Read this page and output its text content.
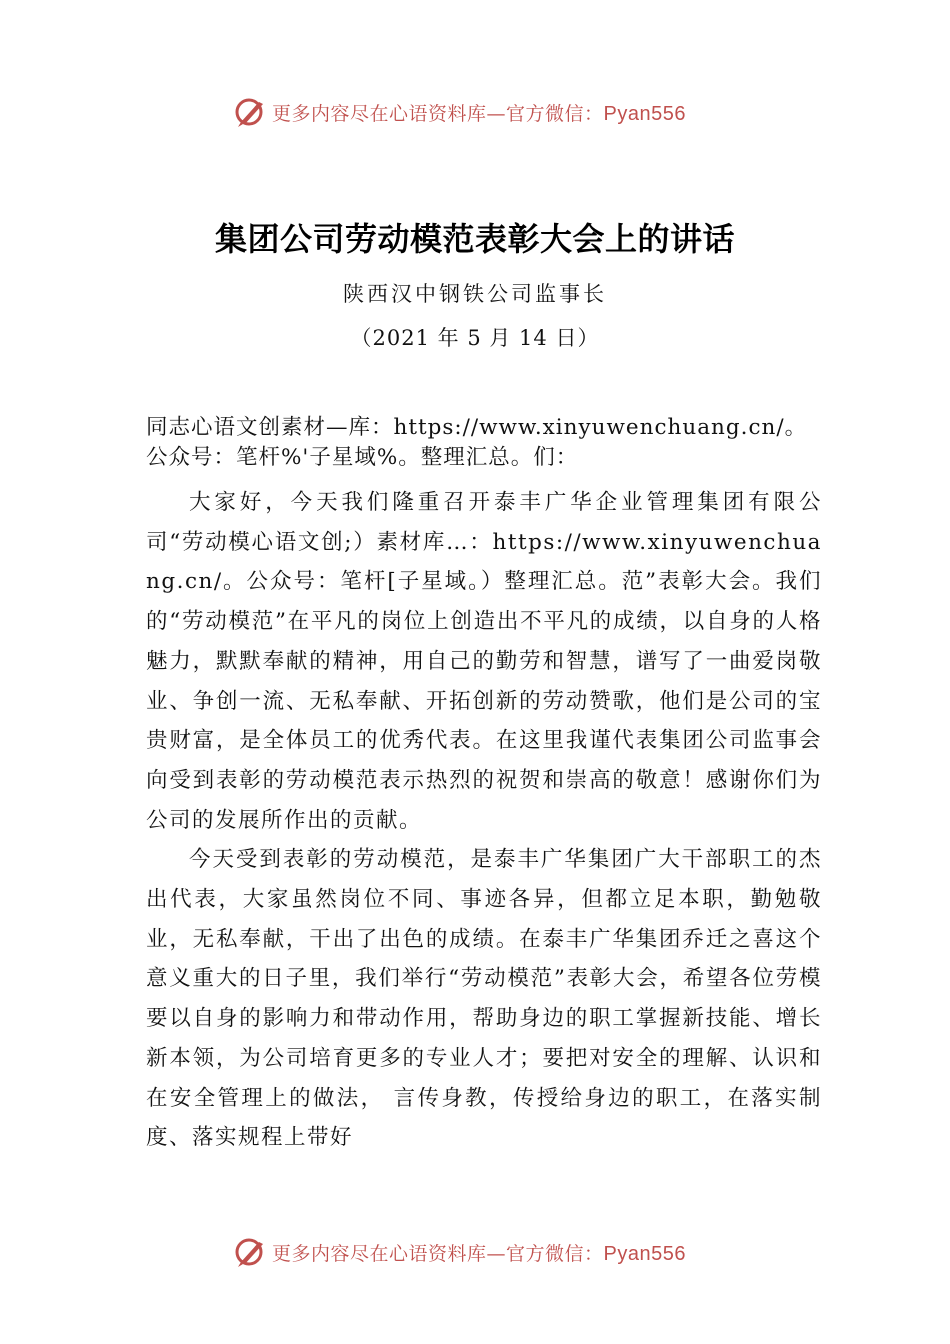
更多内容尽在心语资料库—官方微信：Pyan556
集团公司劳动模范表彰大会上的讲话
陕西汉中钢铁公司监事长
（2021 年 5 月 14 日）

同志心语文创素材—库：https://www.xinyuwenchuang.cn/。公众号：笔杆%'子星域%。整理汇总。们：

大家好，今天我们隆重召开泰丰广华企业管理集团有限公司“劳动模心语文创;）素材库…：https://www.xinyuwenchuang.cn/。公众号：笔杆[子星域。）整理汇总。范”表彰大会。我们的“劳动模范”在平凡的岗位上创造出不平凡的成绩，以自身的人格魅力，默默奉献的精神，用自己的勤劳和智慧，谱写了一曲爱岗敬业、争创一流、无私奉献、开拓创新的劳动赞歌，他们是公司的宝贵财富，是全体员工的优秀代表。在这里我谨代表集团公司监事会向受到表彰的劳动模范表示热烈的祝贺和崇高的敬意！感谢你们为公司的发展所作出的贡献。

今天受到表彰的劳动模范，是泰丰广华集团广大干部职工的杰出代表，大家虽然岗位不同、事迹各异，但都立足本职，勤勉敬业，无私奉献，干出了出色的成绩。在泰丰广华集团乔迁之喜这个意义重大的日子里，我们举行“劳动模范”表彰大会，希望各位劳模要以自身的影响力和带动作用，帮助身边的职工掌握新技能、增长新本领，为公司培育更多的专业人才；要把对安全的理解、认识和在安全管理上的做法， 言传身教，传授给身边的职工，在落实制度、落实规程上带好

更多内容尽在心语资料库—官方微信：Pyan556
